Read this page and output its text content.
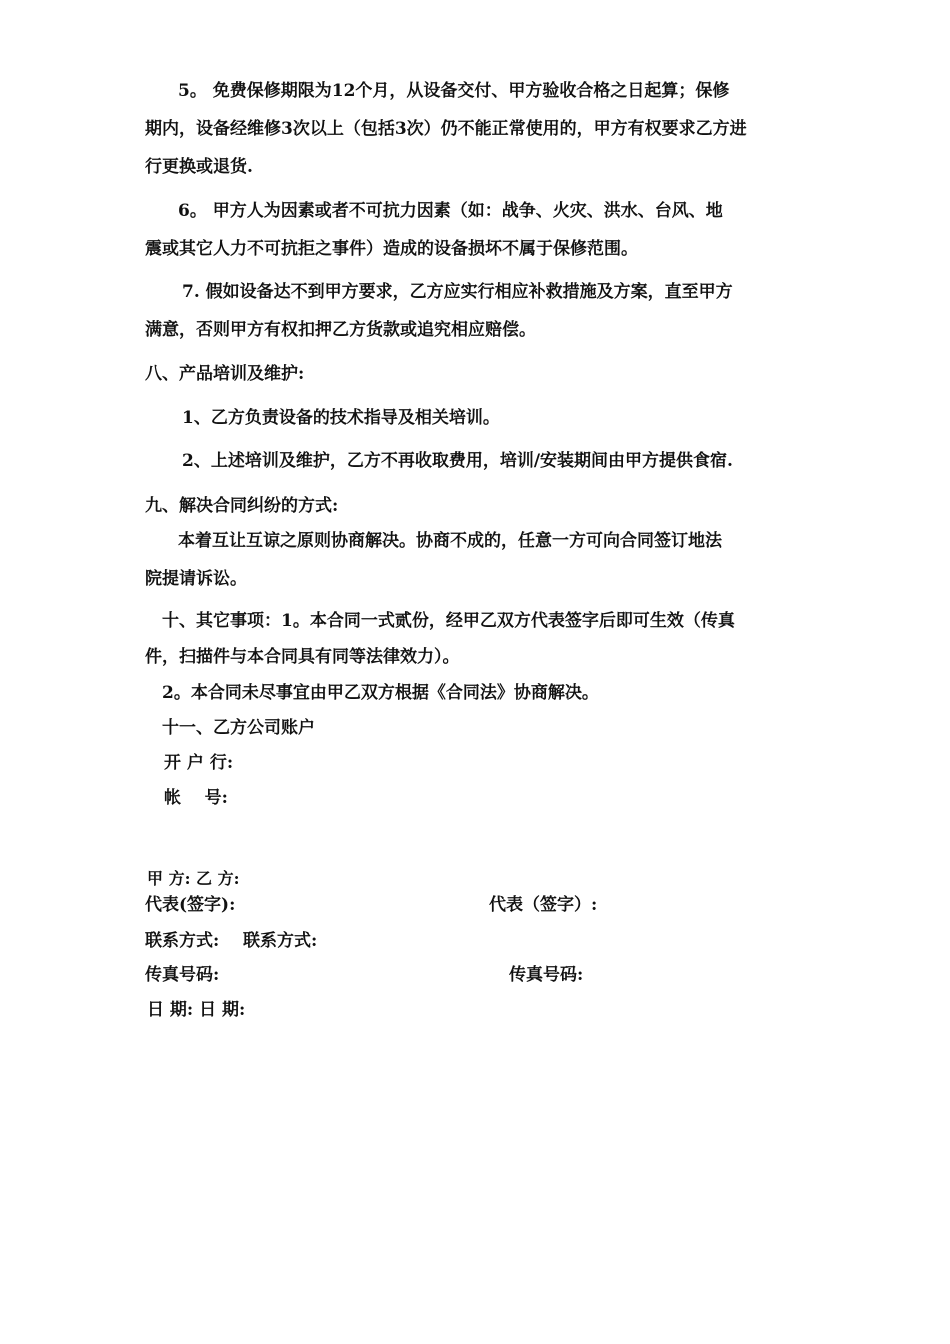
5。 免费保修期限为12个月，从设备交付、甲方验收合格之日起算；保修
期内，设备经维修3次以上（包括3次）仍不能正常使用的，甲方有权要求乙方进
行更换或退货.
6。 甲方人为因素或者不可抗力因素（如：战争、火灾、洪水、台风、地
震或其它人力不可抗拒之事件）造成的设备损坏不属于保修范围。
7. 假如设备达不到甲方要求，乙方应实行相应补救措施及方案，直至甲方
满意，否则甲方有权扣押乙方货款或追究相应赔偿。
八、产品培训及维护:
1、乙方负责设备的技术指导及相关培训。
2、上述培训及维护，乙方不再收取费用，培训/安装期间由甲方提供食宿.
九、解决合同纠纷的方式:
本着互让互谅之原则协商解决。协商不成的，任意一方可向合同签订地法
院提请诉讼。
十、其它事项：1。本合同一式贰份，经甲乙双方代表签字后即可生效（传真
件，扫描件与本合同具有同等法律效力）。
2。本合同未尽事宜由甲乙双方根据《合同法》协商解决。
十一、乙方公司账户
开 户 行:
帐    号:
甲 方: 乙 方:
代表(签字):	代表（签字）:
联系方式:    联系方式:
传真号码:	传真号码:
日 期: 日 期:
